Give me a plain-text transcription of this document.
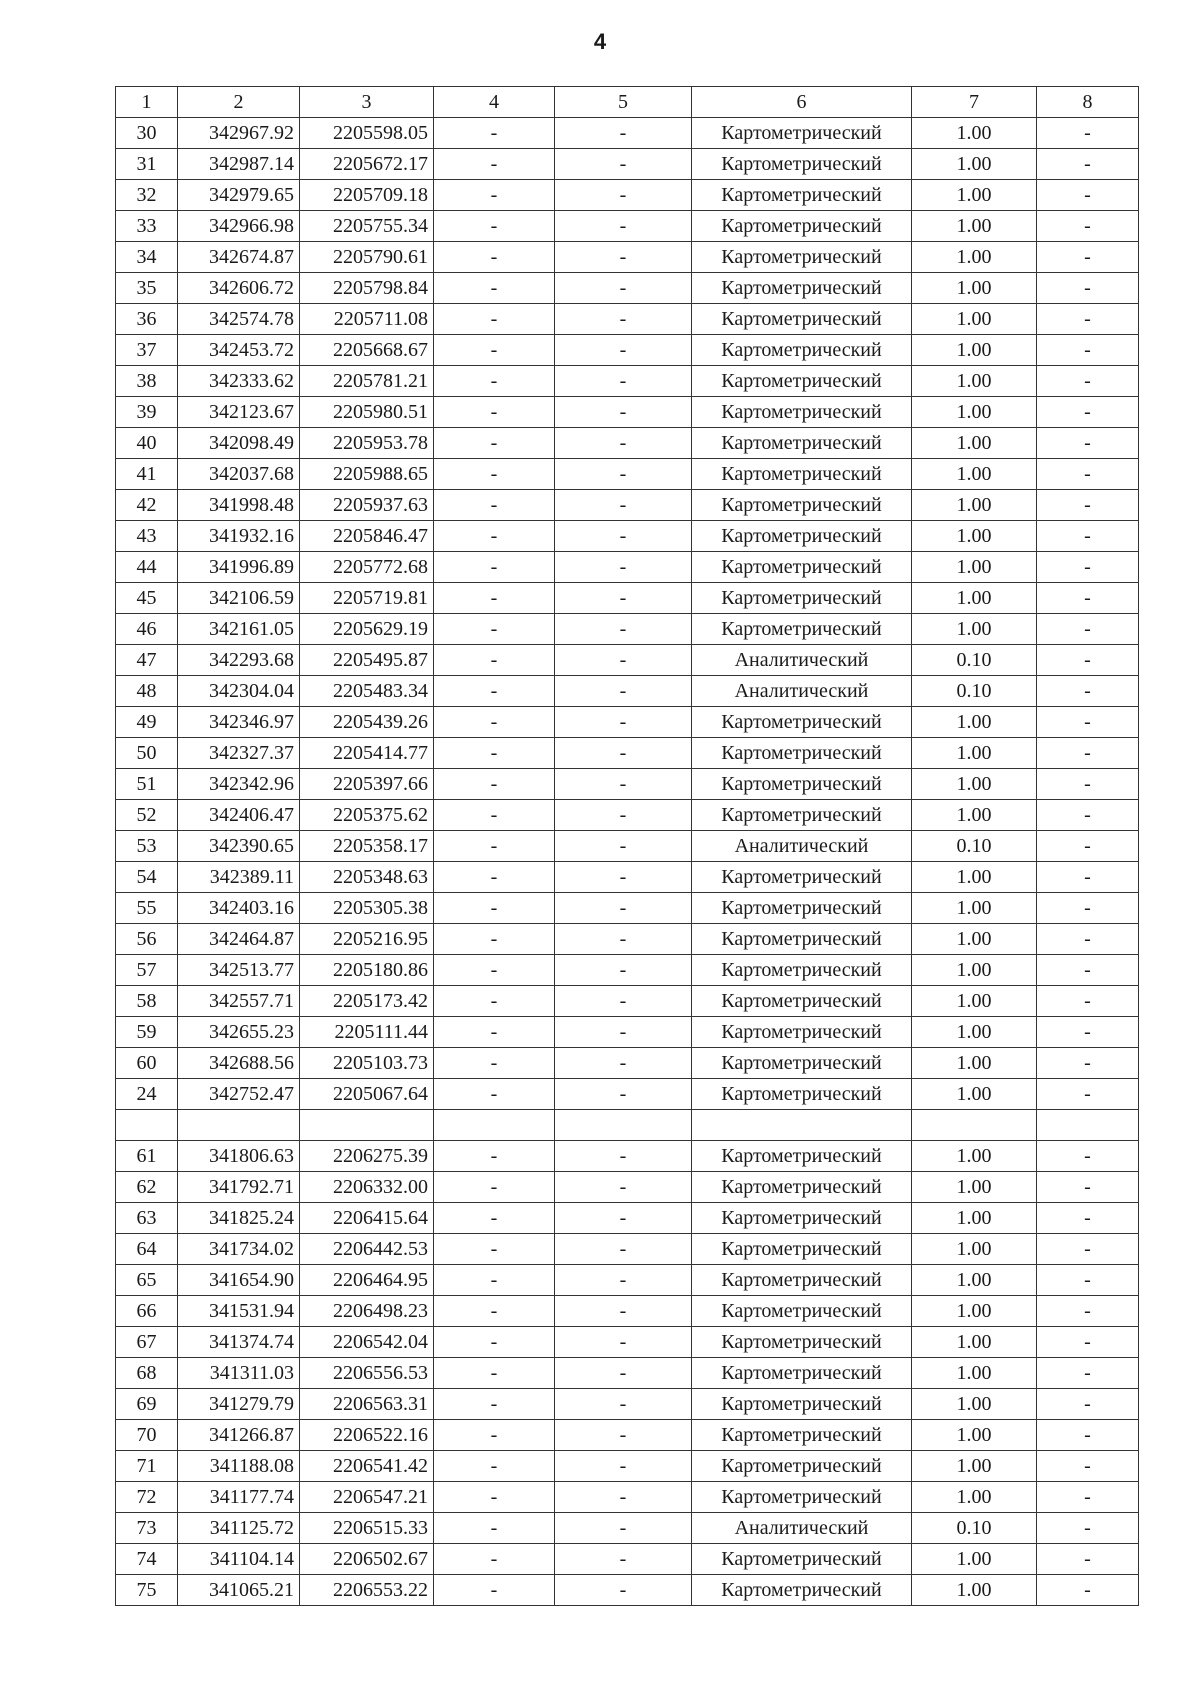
4
1	2	3	4	5	6	7	8
30	342967.92	2205598.05	-	-	Картометрический	1.00	-
31	342987.14	2205672.17	-	-	Картометрический	1.00	-
32	342979.65	2205709.18	-	-	Картометрический	1.00	-
33	342966.98	2205755.34	-	-	Картометрический	1.00	-
34	342674.87	2205790.61	-	-	Картометрический	1.00	-
35	342606.72	2205798.84	-	-	Картометрический	1.00	-
36	342574.78	2205711.08	-	-	Картометрический	1.00	-
37	342453.72	2205668.67	-	-	Картометрический	1.00	-
38	342333.62	2205781.21	-	-	Картометрический	1.00	-
39	342123.67	2205980.51	-	-	Картометрический	1.00	-
40	342098.49	2205953.78	-	-	Картометрический	1.00	-
41	342037.68	2205988.65	-	-	Картометрический	1.00	-
42	341998.48	2205937.63	-	-	Картометрический	1.00	-
43	341932.16	2205846.47	-	-	Картометрический	1.00	-
44	341996.89	2205772.68	-	-	Картометрический	1.00	-
45	342106.59	2205719.81	-	-	Картометрический	1.00	-
46	342161.05	2205629.19	-	-	Картометрический	1.00	-
47	342293.68	2205495.87	-	-	Аналитический	0.10	-
48	342304.04	2205483.34	-	-	Аналитический	0.10	-
49	342346.97	2205439.26	-	-	Картометрический	1.00	-
50	342327.37	2205414.77	-	-	Картометрический	1.00	-
51	342342.96	2205397.66	-	-	Картометрический	1.00	-
52	342406.47	2205375.62	-	-	Картометрический	1.00	-
53	342390.65	2205358.17	-	-	Аналитический	0.10	-
54	342389.11	2205348.63	-	-	Картометрический	1.00	-
55	342403.16	2205305.38	-	-	Картометрический	1.00	-
56	342464.87	2205216.95	-	-	Картометрический	1.00	-
57	342513.77	2205180.86	-	-	Картометрический	1.00	-
58	342557.71	2205173.42	-	-	Картометрический	1.00	-
59	342655.23	2205111.44	-	-	Картометрический	1.00	-
60	342688.56	2205103.73	-	-	Картометрический	1.00	-
24	342752.47	2205067.64	-	-	Картометрический	1.00	-

61	341806.63	2206275.39	-	-	Картометрический	1.00	-
62	341792.71	2206332.00	-	-	Картометрический	1.00	-
63	341825.24	2206415.64	-	-	Картометрический	1.00	-
64	341734.02	2206442.53	-	-	Картометрический	1.00	-
65	341654.90	2206464.95	-	-	Картометрический	1.00	-
66	341531.94	2206498.23	-	-	Картометрический	1.00	-
67	341374.74	2206542.04	-	-	Картометрический	1.00	-
68	341311.03	2206556.53	-	-	Картометрический	1.00	-
69	341279.79	2206563.31	-	-	Картометрический	1.00	-
70	341266.87	2206522.16	-	-	Картометрический	1.00	-
71	341188.08	2206541.42	-	-	Картометрический	1.00	-
72	341177.74	2206547.21	-	-	Картометрический	1.00	-
73	341125.72	2206515.33	-	-	Аналитический	0.10	-
74	341104.14	2206502.67	-	-	Картометрический	1.00	-
75	341065.21	2206553.22	-	-	Картометрический	1.00	-
